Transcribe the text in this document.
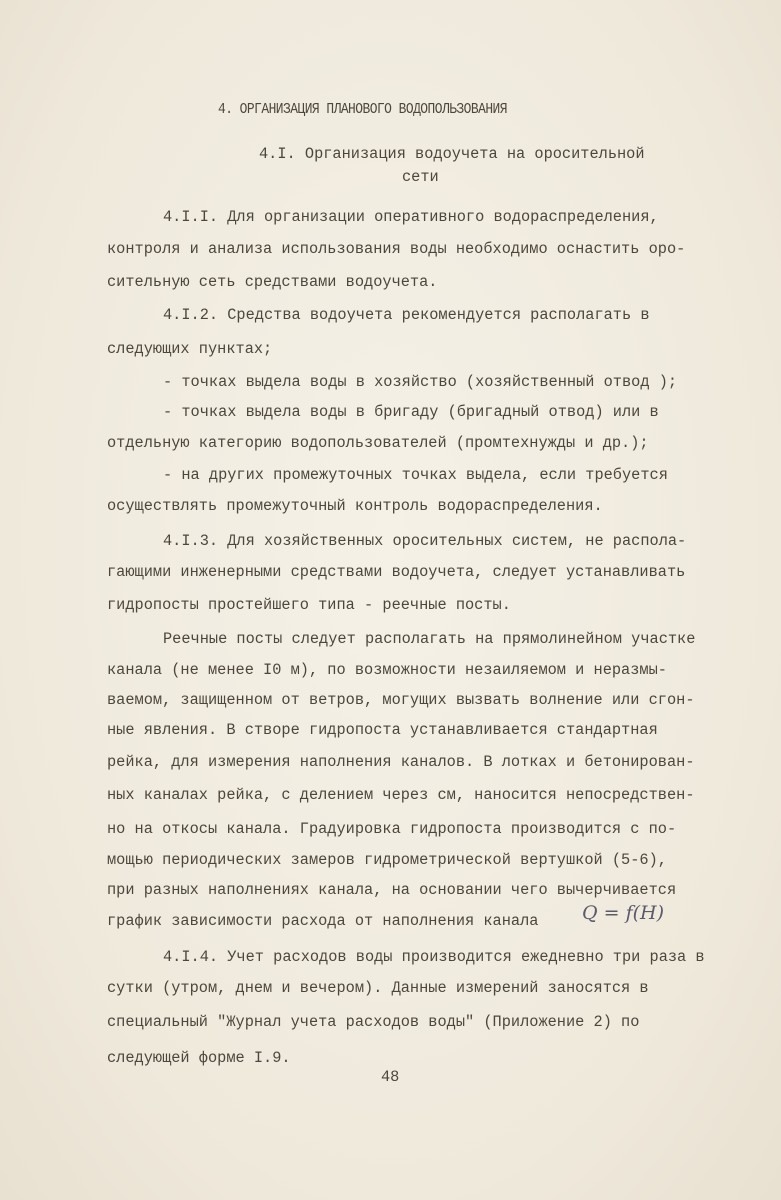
4. ОРГАНИЗАЦИЯ ПЛАНОВОГО ВОДОПОЛЬЗОВАНИЯ
4.I. Организация водоучета на оросительной
сети
4.I.I. Для организации оперативного водораспределения,
контроля и анализа использования воды необходимо оснастить оро-
сительную сеть средствами водоучета.
4.I.2. Средства водоучета рекомендуется располагать в
следующих пунктах;
- точках выдела воды в хозяйство (хозяйственный отвод );
- точках выдела воды в бригаду (бригадный отвод) или в
отдельную категорию водопользователей (промтехнужды и др.);
- на других промежуточных точках выдела, если требуется
осуществлять промежуточный контроль водораспределения.
4.I.3. Для хозяйственных оросительных систем, не распола-
гающими инженерными средствами водоучета, следует устанавливать
гидропосты простейшего типа - реечные посты.
Реечные посты следует располагать на прямолинейном участке
канала (не менее I0 м), по возможности незаиляемом и неразмы-
ваемом, защищенном от ветров, могущих вызвать волнение или сгон-
ные явления. В створе гидропоста устанавливается стандартная
рейка, для измерения наполнения каналов. В лотках и бетонирован-
ных каналах рейка, с делением через см, наносится непосредствен-
но на откосы канала. Градуировка гидропоста производится с по-
мощью периодических замеров гидрометрической вертушкой (5-6),
при разных наполнениях канала, на основании чего вычерчивается
график зависимости расхода от наполнения канала
4.I.4. Учет расходов воды производится ежедневно три раза в
сутки (утром, днем и вечером). Данные измерений заносятся в
специальный "Журнал учета расходов воды" (Приложение 2) по
следующей форме I.9.
Q = f(H)
48
